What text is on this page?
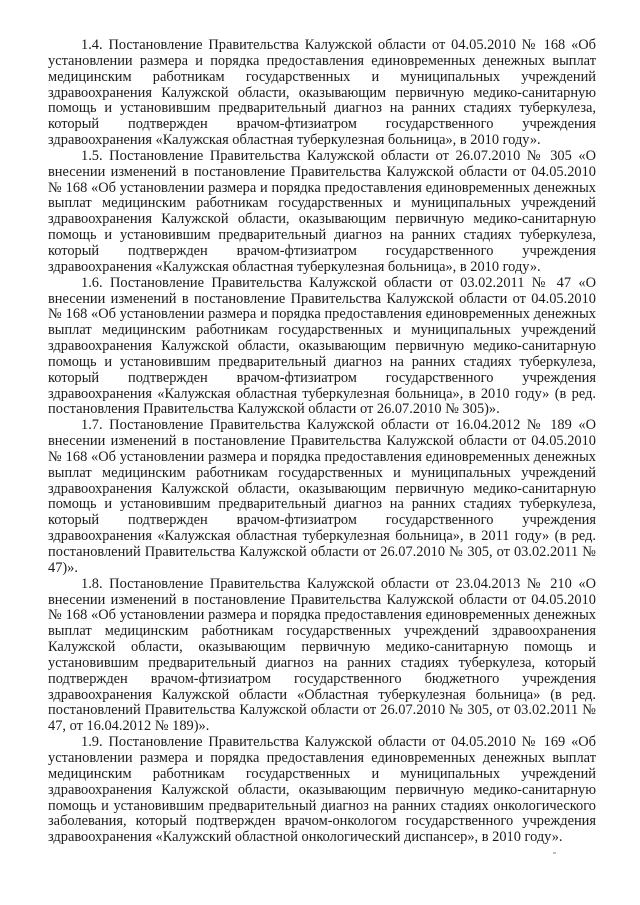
1.4. Постановление Правительства Калужской области от 04.05.2010 № 168 «Об установлении размера и порядка предоставления единовременных денежных выплат медицинским работникам государственных и муниципальных учреждений здравоохранения Калужской области, оказывающим первичную медико-санитарную помощь и установившим предварительный диагноз на ранних стадиях туберкулеза, который подтвержден врачом-фтизиатром государственного учреждения здравоохранения «Калужская областная туберкулезная больница», в 2010 году».

1.5. Постановление Правительства Калужской области от 26.07.2010 № 305 «О внесении изменений в постановление Правительства Калужской области от 04.05.2010 № 168 «Об установлении размера и порядка предоставления единовременных денежных выплат медицинским работникам государственных и муниципальных учреждений здравоохранения Калужской области, оказывающим первичную медико-санитарную помощь и установившим предварительный диагноз на ранних стадиях туберкулеза, который подтвержден врачом-фтизиатром государственного учреждения здравоохранения «Калужская областная туберкулезная больница», в 2010 году».

1.6. Постановление Правительства Калужской области от 03.02.2011 № 47 «О внесении изменений в постановление Правительства Калужской области от 04.05.2010 № 168 «Об установлении размера и порядка предоставления единовременных денежных выплат медицинским работникам государственных и муниципальных учреждений здравоохранения Калужской области, оказывающим первичную медико-санитарную помощь и установившим предварительный диагноз на ранних стадиях туберкулеза, который подтвержден врачом-фтизиатром государственного учреждения здравоохранения «Калужская областная туберкулезная больница», в 2010 году» (в ред. постановления Правительства Калужской области от 26.07.2010 № 305)».

1.7. Постановление Правительства Калужской области от 16.04.2012 № 189 «О внесении изменений в постановление Правительства Калужской области от 04.05.2010 № 168 «Об установлении размера и порядка предоставления единовременных денежных выплат медицинским работникам государственных и муниципальных учреждений здравоохранения Калужской области, оказывающим первичную медико-санитарную помощь и установившим предварительный диагноз на ранних стадиях туберкулеза, который подтвержден врачом-фтизиатром государственного учреждения здравоохранения «Калужская областная туберкулезная больница», в 2011 году» (в ред. постановлений Правительства Калужской области от 26.07.2010 № 305, от 03.02.2011 № 47)».

1.8. Постановление Правительства Калужской области от 23.04.2013 № 210 «О внесении изменений в постановление Правительства Калужской области от 04.05.2010 № 168 «Об установлении размера и порядка предоставления единовременных денежных выплат медицинским работникам государственных учреждений здравоохранения Калужской области, оказывающим первичную медико-санитарную помощь и установившим предварительный диагноз на ранних стадиях туберкулеза, который подтвержден врачом-фтизиатром государственного бюджетного учреждения здравоохранения Калужской области «Областная туберкулезная больница» (в ред. постановлений Правительства Калужской области от 26.07.2010 № 305, от 03.02.2011 № 47, от 16.04.2012 № 189)».

1.9. Постановление Правительства Калужской области от 04.05.2010 № 169 «Об установлении размера и порядка предоставления единовременных денежных выплат медицинским работникам государственных и муниципальных учреждений здравоохранения Калужской области, оказывающим первичную медико-санитарную помощь и установившим предварительный диагноз на ранних стадиях онкологического заболевания, который подтвержден врачом-онкологом государственного учреждения здравоохранения «Калужский областной онкологический диспансер», в 2010 году».
